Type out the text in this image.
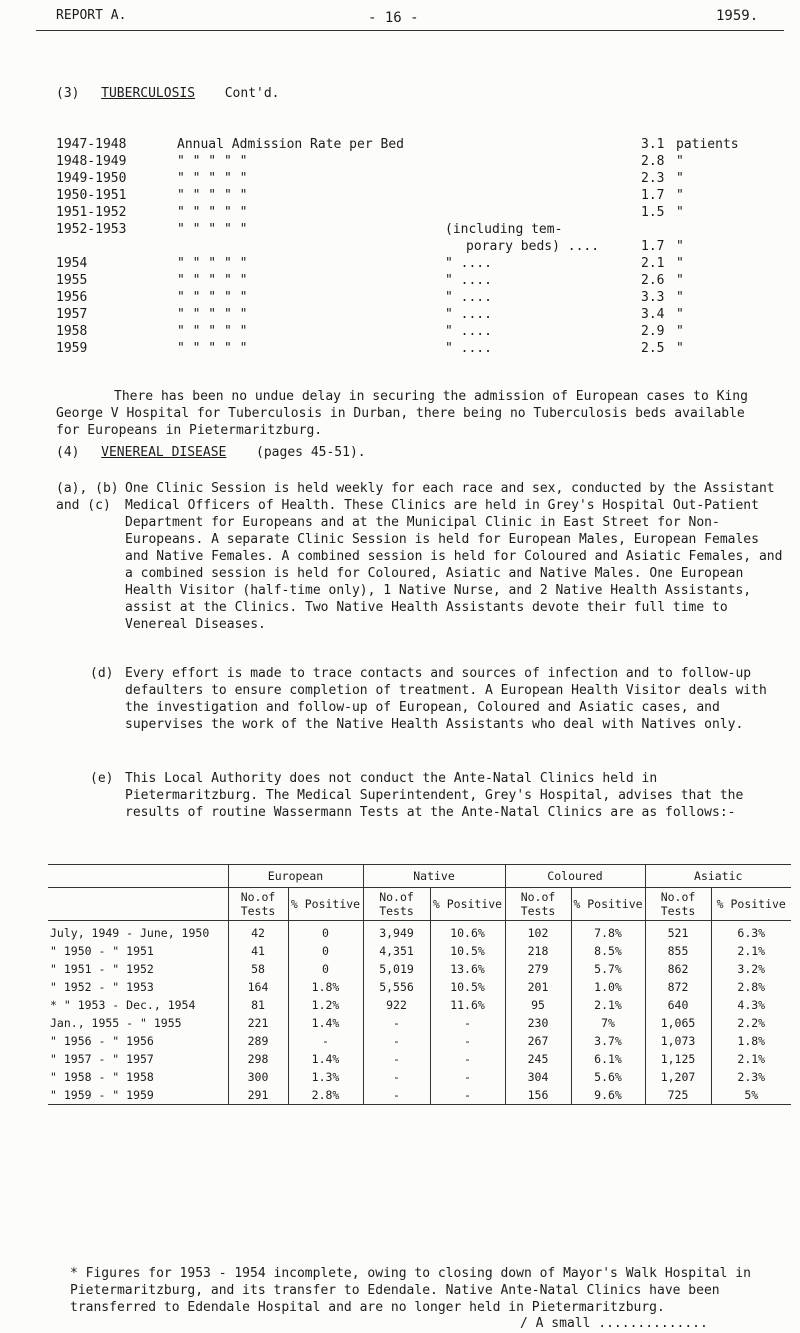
REPORT A.	- 16 -	1959.
(3) TUBERCULOSIS Cont'd.
1947-1948	Annual Admission Rate per Bed	3.1 patients
1948-1949	" " " " "	2.8 "
1949-1950	" " " " "	2.3 "
1950-1951	" " " " "	1.7 "
1951-1952	" " " " "	1.5 "
1952-1953	" " " " "	(including tem-
porary beds) ....	1.7 "
1954	" " " " "	" ....	2.1 "
1955	" " " " "	" ....	2.6 "
1956	" " " " "	" ....	3.3 "
1957	" " " " "	" ....	3.4 "
1958	" " " " "	" ....	2.9 "
1959	" " " " "	" ....	2.5 "
There has been no undue delay in securing the admission of European cases to King George V Hospital for Tuberculosis in Durban, there being no Tuberculosis beds available for Europeans in Pietermaritzburg.
(4) VENEREAL DISEASE (pages 45-51).
(a), (b) and (c)
One Clinic Session is held weekly for each race and sex, conducted by the Assistant Medical Officers of Health. These Clinics are held in Grey's Hospital Out-Patient Department for Europeans and at the Municipal Clinic in East Street for Non-Europeans. A separate Clinic Session is held for European Males, European Females and Native Females. A combined session is held for Coloured and Asiatic Females, and a combined session is held for Coloured, Asiatic and Native Males. One European Health Visitor (half-time only), 1 Native Nurse, and 2 Native Health Assistants, assist at the Clinics. Two Native Health Assistants devote their full time to Venereal Diseases.
(d) Every effort is made to trace contacts and sources of infection and to follow-up defaulters to ensure completion of treatment. A European Health Visitor deals with the investigation and follow-up of European, Coloured and Asiatic cases, and supervises the work of the Native Health Assistants who deal with Natives only.
(e) This Local Authority does not conduct the Ante-Natal Clinics held in Pietermaritzburg. The Medical Superintendent, Grey's Hospital, advises that the results of routine Wassermann Tests at the Ante-Natal Clinics are as follows:-
	European		Native		Coloured		Asiatic	
	No.of Tests	% Positive	No.of Tests	% Positive	No.of Tests	% Positive	No.of Tests	% Positive
July, 1949 - June, 1950	42	0	3,949	10.6%	102	7.8%	521	6.3%
" 1950 - " 1951	41	0	4,351	10.5%	218	8.5%	855	2.1%
" 1951 - " 1952	58	0	5,019	13.6%	279	5.7%	862	3.2%
" 1952 - " 1953	164	1.8%	5,556	10.5%	201	1.0%	872	2.8%
* " 1953 - Dec., 1954	81	1.2%	922	11.6%	95	2.1%	640	4.3%
Jan., 1955 - " 1955	221	1.4%	-	-	230	7%	1,065	2.2%
" 1956 - " 1956	289	-	-	-	267	3.7%	1,073	1.8%
" 1957 - " 1957	298	1.4%	-	-	245	6.1%	1,125	2.1%
" 1958 - " 1958	300	1.3%	-	-	304	5.6%	1,207	2.3%
" 1959 - " 1959	291	2.8%	-	-	156	9.6%	725	5%
* Figures for 1953 - 1954 incomplete, owing to closing down of Mayor's Walk Hospital in Pietermaritzburg, and its transfer to Edendale. Native Ante-Natal Clinics have been transferred to Edendale Hospital and are no longer held in Pietermaritzburg.
/ A small ..............
